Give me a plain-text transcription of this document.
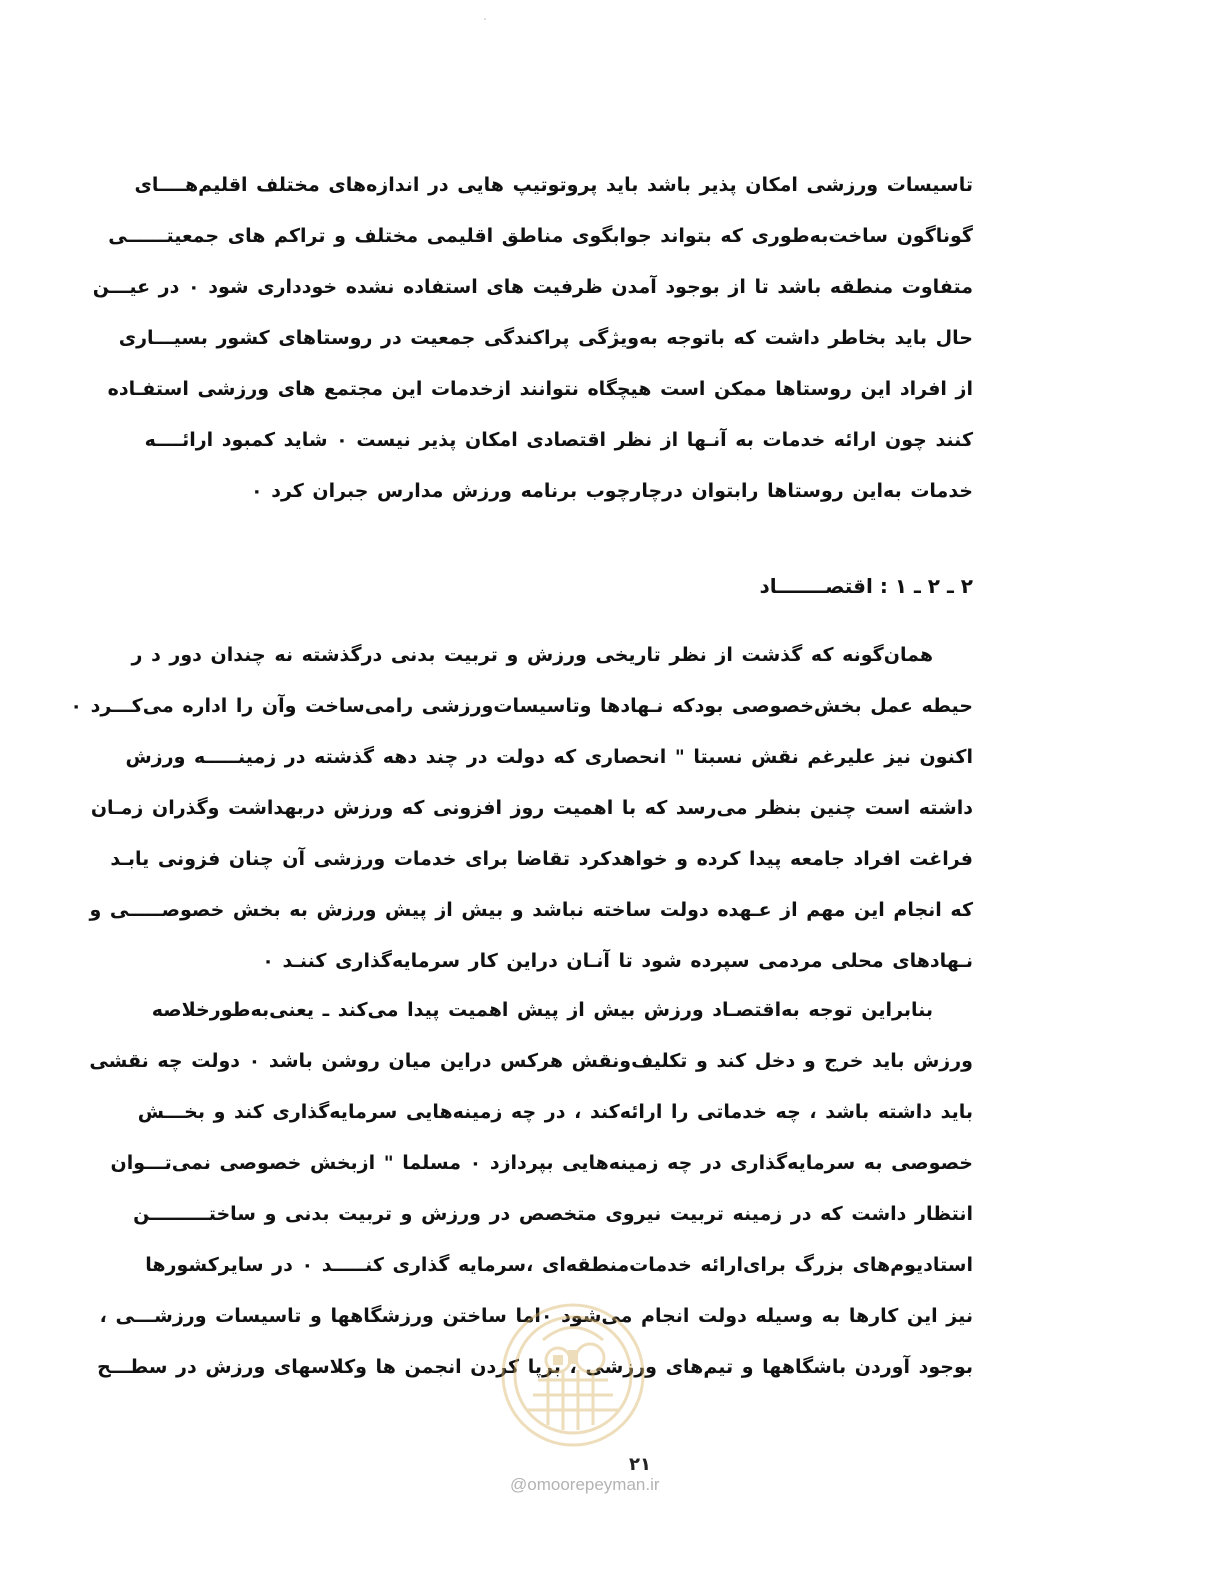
تاسیسات ورزشی امکان پذیر باشد باید پروتوتیپ هایی در اندازه‌های مختلف اقلیم‌هــــای
گوناگون ساخت‌به‌طوری که بتواند جوابگوی مناطق اقلیمی مختلف و تراکم های جمعیتــــــی
متفاوت منطقه باشد تا از بوجود آمدن ظرفیت های استفاده نشده خودداری شود ۰ در عیـــن
حال باید بخاطر داشت که باتوجه به‌ویژگی پراکندگی جمعیت در روستاهای کشور بسیـــاری
از افراد این روستاها ممکن است هیچگاه نتوانند ازخدمات این مجتمع های ورزشی استفـاده
کنند چون ارائه خدمات به آنـها از نظر اقتصادی امکان پذیر نیست ۰ شاید کمبود ارائــــه
خدمات به‌این روستاها رابتوان درچارچوب برنامه ورزش مدارس جبران کرد ۰
۲ ـ ۲ ـ ۱ : اقتصـــــــاد
همان‌گونه که گذشت از نظر تاریخی ورزش و تربیت بدنی درگذشته نه چندان دور د ر
حیطه عمل بخش‌خصوصی بودکه نـهادها وتاسیسات‌ورزشی رامی‌ساخت وآن را اداره می‌کـــرد ۰
اکنون نیز علیرغم نقش نسبتا " انحصاری که دولت در چند دهه گذشته در زمینـــــه ورزش
داشته است چنین بنظر می‌رسد که با اهمیت روز افزونی که ورزش دربهداشت وگذران زمـان
فراغت افراد جامعه پیدا کرده و خواهدکرد تقاضا برای خدمات ورزشی آن چنان فزونی یابـد
که انجام این مهم از عـهده دولت ساخته نباشد و بیش از پیش ورزش به بخش خصوصـــــی و
نـهادهای محلی مردمی سپرده شود تا آنـان دراین کار سرمایه‌گذاری کننـد ۰
بنابراین توجه به‌اقتصـاد ورزش بیش از پیش اهمیت پیدا می‌کند ـ یعنی‌به‌طورخلاصه
ورزش باید خرج و دخل کند و تکلیف‌ونقش هرکس دراین میان روشن باشد ۰ دولت چه نقشی
باید داشته باشد ، چه خدماتی را ارائه‌کند ، در چه زمینه‌هایی سرمایه‌گذاری کند و بخـــش
خصوصی به سرمایه‌گذاری در چه زمینه‌هایی بپردازد ۰ مسلما " ازبخش خصوصی نمی‌تـــوان
انتظار داشت که در زمینه تربیت نیروی متخصص در ورزش و تربیت بدنی و ساختـــــــــن
استادیوم‌های بزرگ برای‌ارائه خدمات‌منطقه‌ای ،سرمایه گذاری کنـــــد ۰ در سایرکشورها
نیز این کارها به وسیله دولت انجام می‌شود ۰اما ساختن ورزشگاهها و تاسیسات ورزشـــی ،
بوجود آوردن باشگاهها و تیم‌های ورزشی ، برپا کردن انجمن ها وکلاسهای ورزش در سطـــح
۲۱
@omoorepeyman.ir
